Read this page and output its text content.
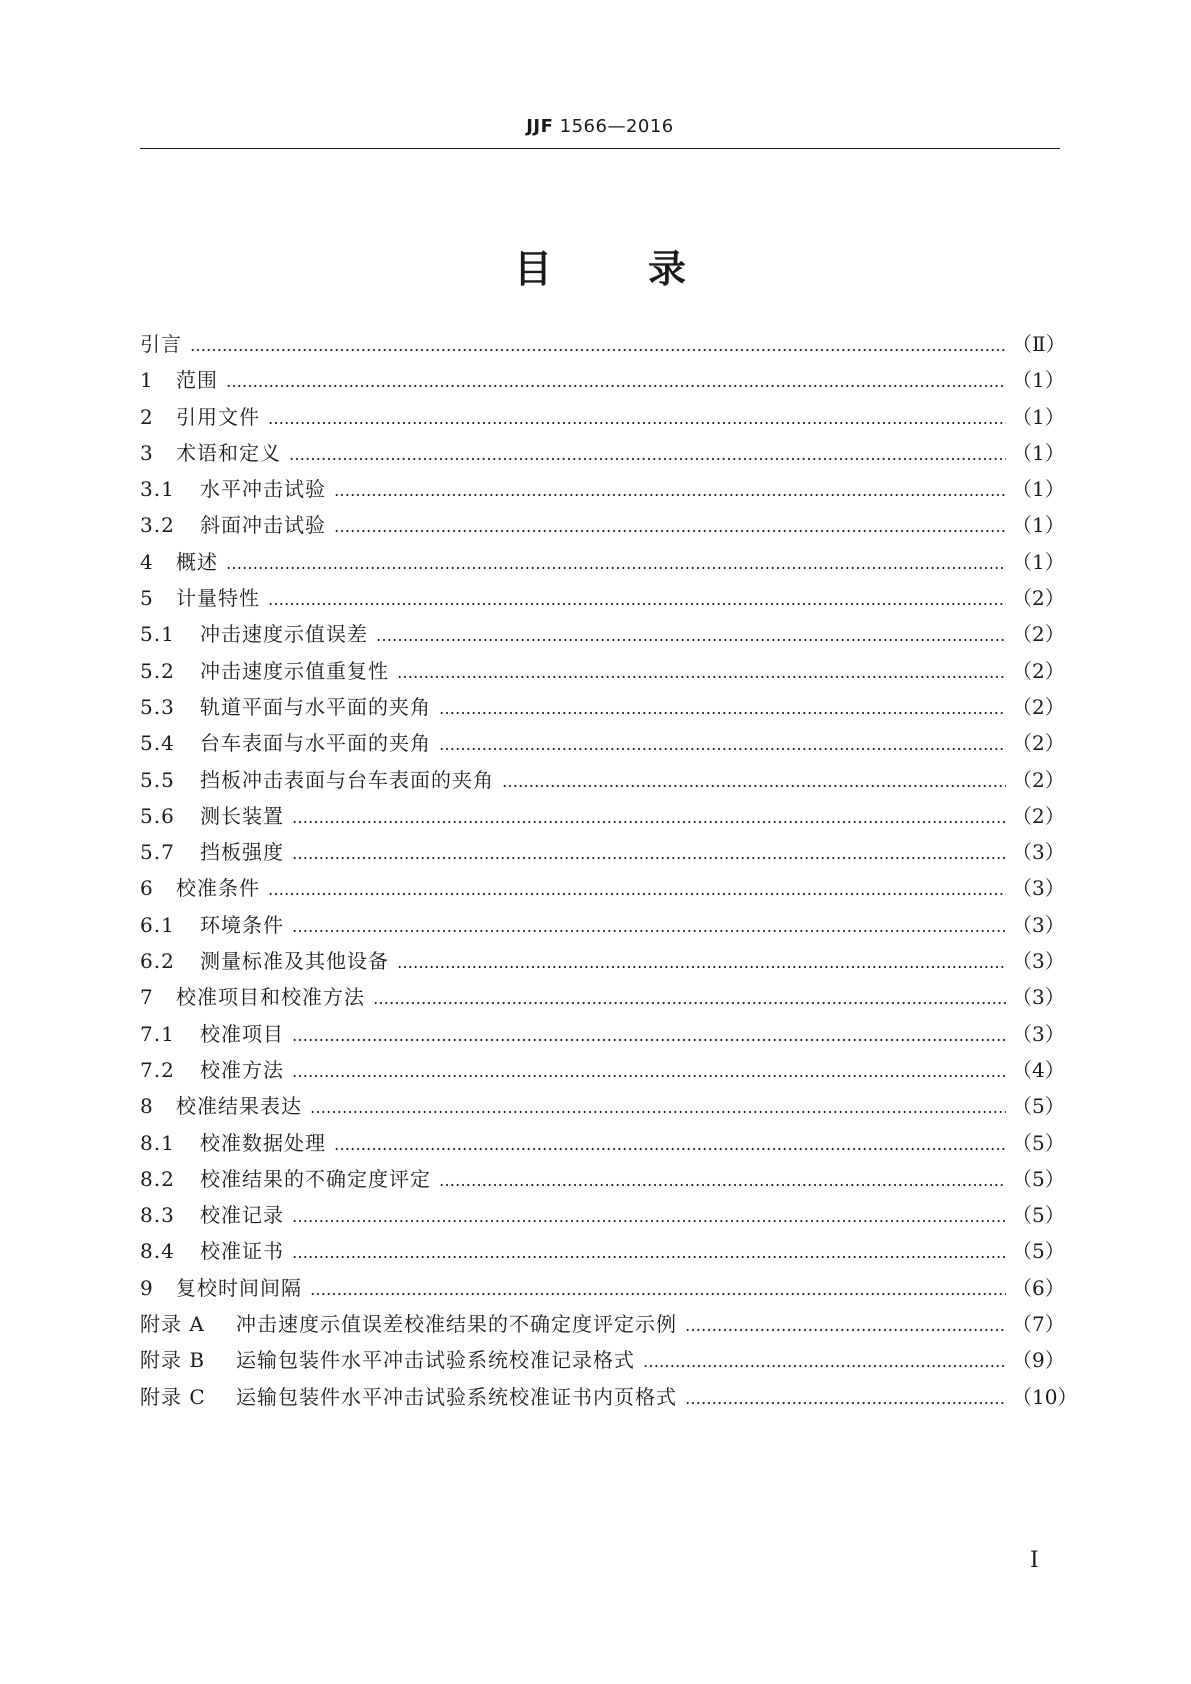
JJF 1566—2016
目	录
引言 …………………………………………………………………………………………………………………………………………………………………………………………………………	（Ⅱ）
1	范围 …………………………………………………………………………………………………………………………………………………………………………………………………………	（1）
2	引用文件 …………………………………………………………………………………………………………………………………………………………………………………………………………	（1）
3	术语和定义 …………………………………………………………………………………………………………………………………………………………………………………………………………	（1）
3.1	水平冲击试验 …………………………………………………………………………………………………………………………………………………………………………………………………………	（1）
3.2	斜面冲击试验 …………………………………………………………………………………………………………………………………………………………………………………………………………	（1）
4	概述 …………………………………………………………………………………………………………………………………………………………………………………………………………	（1）
5	计量特性 …………………………………………………………………………………………………………………………………………………………………………………………………………	（2）
5.1	冲击速度示值误差 …………………………………………………………………………………………………………………………………………………………………………………………………………	（2）
5.2	冲击速度示值重复性 …………………………………………………………………………………………………………………………………………………………………………………………………………	（2）
5.3	轨道平面与水平面的夹角 …………………………………………………………………………………………………………………………………………………………………………………………………………	（2）
5.4	台车表面与水平面的夹角 …………………………………………………………………………………………………………………………………………………………………………………………………………	（2）
5.5	挡板冲击表面与台车表面的夹角 …………………………………………………………………………………………………………………………………………………………………………………………………………	（2）
5.6	测长装置 …………………………………………………………………………………………………………………………………………………………………………………………………………	（2）
5.7	挡板强度 …………………………………………………………………………………………………………………………………………………………………………………………………………	（3）
6	校准条件 …………………………………………………………………………………………………………………………………………………………………………………………………………	（3）
6.1	环境条件 …………………………………………………………………………………………………………………………………………………………………………………………………………	（3）
6.2	测量标准及其他设备 …………………………………………………………………………………………………………………………………………………………………………………………………………	（3）
7	校准项目和校准方法 …………………………………………………………………………………………………………………………………………………………………………………………………………	（3）
7.1	校准项目 …………………………………………………………………………………………………………………………………………………………………………………………………………	（3）
7.2	校准方法 …………………………………………………………………………………………………………………………………………………………………………………………………………	（4）
8	校准结果表达 …………………………………………………………………………………………………………………………………………………………………………………………………………	（5）
8.1	校准数据处理 …………………………………………………………………………………………………………………………………………………………………………………………………………	（5）
8.2	校准结果的不确定度评定 …………………………………………………………………………………………………………………………………………………………………………………………………………	（5）
8.3	校准记录 …………………………………………………………………………………………………………………………………………………………………………………………………………	（5）
8.4	校准证书 …………………………………………………………………………………………………………………………………………………………………………………………………………	（5）
9	复校时间间隔 …………………………………………………………………………………………………………………………………………………………………………………………………………	（6）
附录 A	冲击速度示值误差校准结果的不确定度评定示例 …………………………………………………………………………………………………………………………………………………………………………………………………………	（7）
附录 B	运输包装件水平冲击试验系统校准记录格式 …………………………………………………………………………………………………………………………………………………………………………………………………………	（9）
附录 C	运输包装件水平冲击试验系统校准证书内页格式 …………………………………………………………………………………………………………………………………………………………………………………………………………	（10）
Ⅰ
